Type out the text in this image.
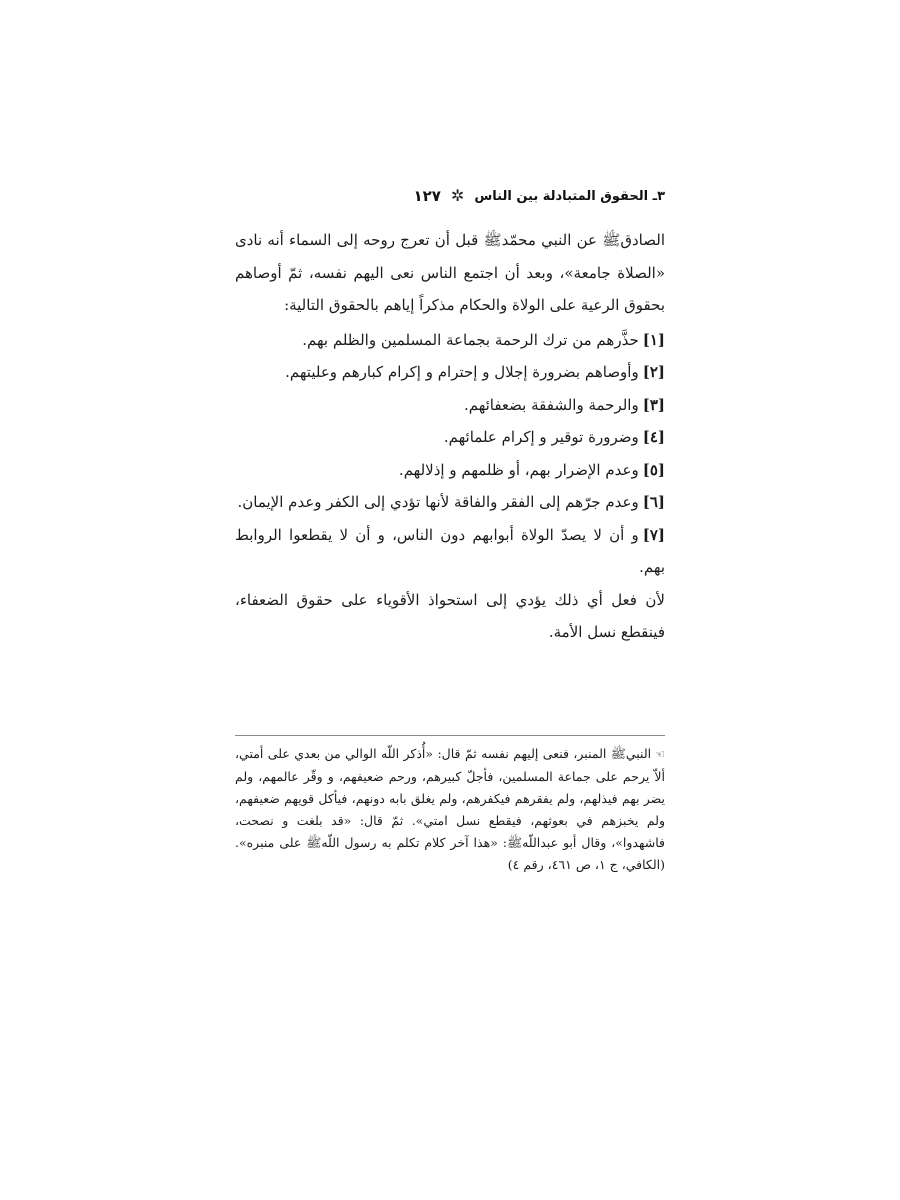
٣ـ الحقوق المتبادلة بين الناس
✲
١٢٧

الصادقﷺ عن النبي محمّدﷺ قبل أن تعرج روحه إلى السماء أنه نادى «الصلاة جامعة»، وبعد أن اجتمع الناس نعى اليهم نفسه، ثمّ أوصاهم بحقوق الرعية على الولاة والحكام مذكراً إياهم بالحقوق التالية:

[١]حذَّرهم من ترك الرحمة بجماعة المسلمين والظلم بهم.
[٢]وأوصاهم بضرورة إجلال و إحترام و إكرام كبارهم وعليتهم.
[٣]والرحمة والشفقة بضعفائهم.
[٤]وضرورة توقير و إكرام علمائهم.
[٥]وعدم الإضرار بهم، أو ظلمهم و إذلالهم.
[٦]وعدم جرّهم إلى الفقر والفاقة لأنها تؤدي إلى الكفر وعدم الإيمان.
[٧]و أن لا يصدّ الولاة أبوابهم دون الناس، و أن لا يقطعوا الروابط بهم.

لأن فعل أي ذلك يؤدي إلى استحواذ الأقوياء على حقوق الضعفاء، فينقطع نسل الأمة.

☜النبيﷺ المنبر، فنعى إليهم نفسه ثمّ قال: «أُذكر اللّه الوالي من بعدي على أمتي، ألاّ يرحم على جماعة المسلمين، فأجلّ كبيرهم، ورحم ضعيفهم، و وقّر عالمهم، ولم يضر بهم فيذلهم، ولم يفقرهم فيكفرهم، ولم يغلق بابه دونهم، فيأكل قويهم ضعيفهم، ولم يخبزهم في بعوثهم، فيقطع نسل امتي». ثمّ قال: «قد بلغت و نصحت، فاشهدوا»، وقال أبو عبداللّهﷺ: «هذا آخر كلام تكلم به رسول اللّهﷺ على منبره». (الكافي، ج ١، ص ٤٦١، رقم ٤)
